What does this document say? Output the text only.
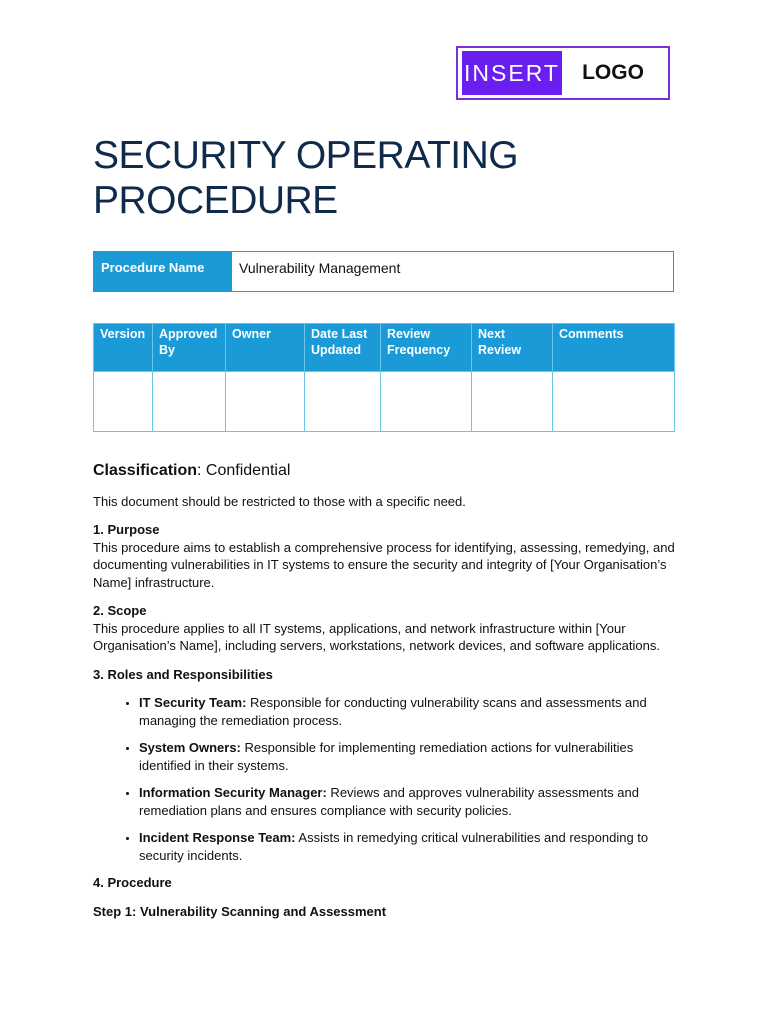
INSERT	LOGO
SECURITY OPERATING
PROCEDURE
Procedure Name	Vulnerability Management
Version	Approved By	Owner	Date Last Updated	Review Frequency	Next Review	Comments

Classification: Confidential

This document should be restricted to those with a specific need.

1. Purpose
This procedure aims to establish a comprehensive process for identifying, assessing, remedying, and documenting vulnerabilities in IT systems to ensure the security and integrity of [Your Organisation’s Name] infrastructure.

2. Scope
This procedure applies to all IT systems, applications, and network infrastructure within [Your Organisation’s Name], including servers, workstations, network devices, and software applications.

3. Roles and Responsibilities

• IT Security Team: Responsible for conducting vulnerability scans and assessments and managing the remediation process.
• System Owners: Responsible for implementing remediation actions for vulnerabilities identified in their systems.
• Information Security Manager: Reviews and approves vulnerability assessments and remediation plans and ensures compliance with security policies.
• Incident Response Team: Assists in remedying critical vulnerabilities and responding to security incidents.

4. Procedure

Step 1: Vulnerability Scanning and Assessment
